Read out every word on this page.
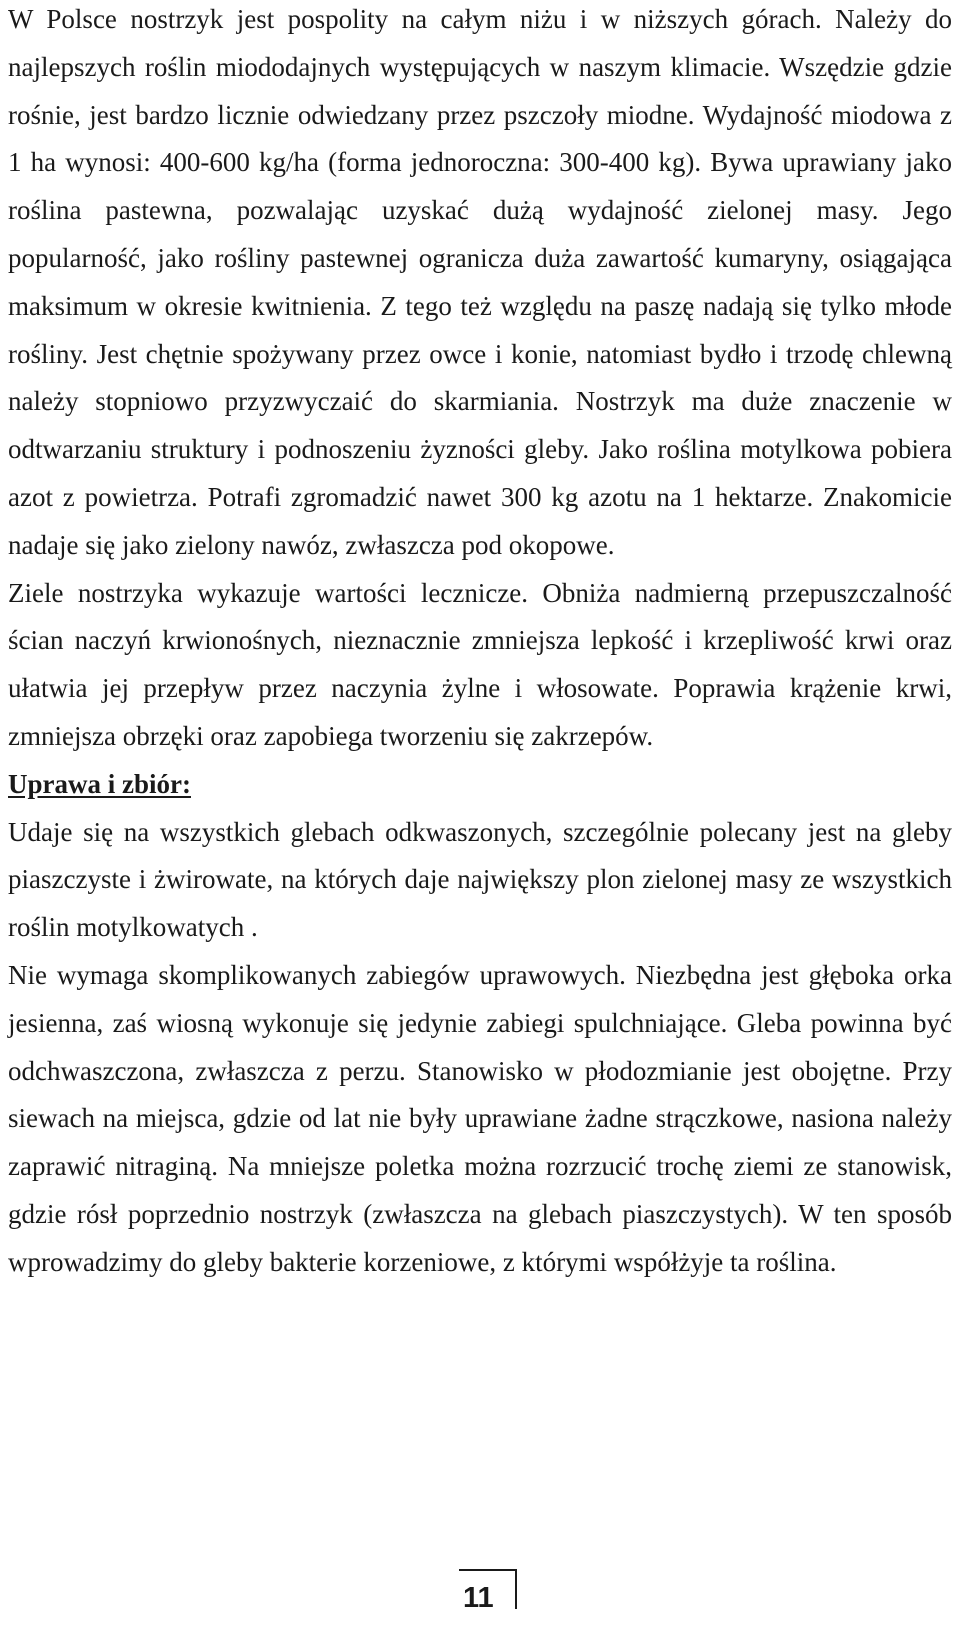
W Polsce nostrzyk jest pospolity na całym niżu i w niższych górach. Należy do najlepszych roślin miododajnych występujących w naszym klimacie. Wszędzie gdzie rośnie, jest bardzo licznie odwiedzany przez pszczoły miodne. Wydajność miodowa z 1 ha wynosi: 400-600 kg/ha (forma jednoroczna: 300-400 kg). Bywa uprawiany jako roślina pastewna, pozwalając uzyskać dużą wydajność zielonej masy. Jego popularność, jako rośliny pastewnej ogranicza duża zawartość kumaryny, osiągająca maksimum w okresie kwitnienia. Z tego też względu na paszę nadają się tylko młode rośliny. Jest chętnie spożywany przez owce i konie, natomiast bydło i trzodę chlewną należy stopniowo przyzwyczaić do skarmiania. Nostrzyk ma duże znaczenie w odtwarzaniu struktury i podnoszeniu żyzności gleby. Jako roślina motylkowa pobiera azot z powietrza. Potrafi zgromadzić nawet 300 kg azotu na 1 hektarze. Znakomicie nadaje się jako zielony nawóz, zwłaszcza pod okopowe.

Ziele nostrzyka wykazuje wartości lecznicze. Obniża nadmierną przepuszczalność ścian naczyń krwionośnych, nieznacznie zmniejsza lepkość i krzepliwość krwi oraz ułatwia jej przepływ przez naczynia żylne i włosowate. Poprawia krążenie krwi, zmniejsza obrzęki oraz zapobiega tworzeniu się zakrzepów.

Uprawa i zbiór:

Udaje się na wszystkich glebach odkwaszonych, szczególnie polecany jest na gleby piaszczyste i żwirowate, na których daje największy plon zielonej masy ze wszystkich roślin motylkowatych .

Nie wymaga skomplikowanych zabiegów uprawowych. Niezbędna jest głęboka orka jesienna, zaś wiosną wykonuje się jedynie zabiegi spulchniające. Gleba powinna być odchwaszczona, zwłaszcza z perzu. Stanowisko w płodozmianie jest obojętne. Przy siewach na miejsca, gdzie od lat nie były uprawiane żadne strączkowe, nasiona należy zaprawić nitraginą. Na mniejsze poletka można rozrzucić trochę ziemi ze stanowisk, gdzie rósł poprzednio nostrzyk (zwłaszcza na glebach piaszczystych). W ten sposób wprowadzimy do gleby bakterie korzeniowe, z którymi współżyje ta roślina.

11
